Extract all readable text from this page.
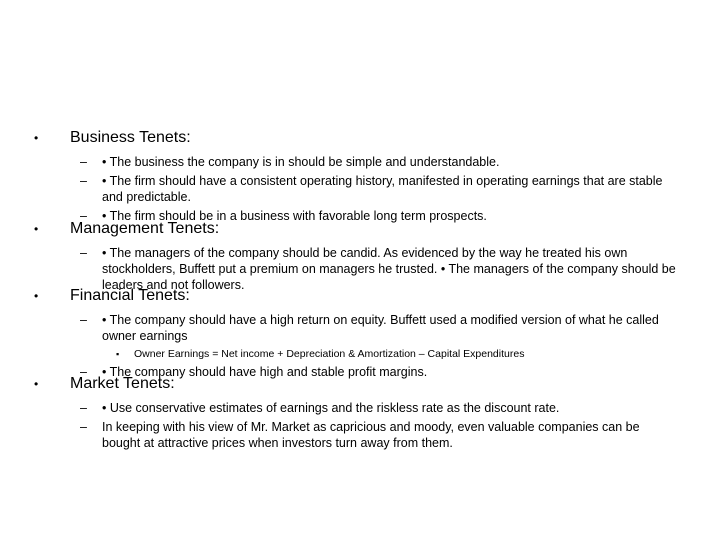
• Business Tenets:
– • The business the company is in should be simple and understandable.
– • The firm should have a consistent operating history, manifested in operating earnings that are stable and predictable.
– • The firm should be in a business with favorable long term prospects.
• Management Tenets:
– • The managers of the company should be candid. As evidenced by the way he treated his own stockholders, Buffett put a premium on managers he trusted. • The managers of the company should be leaders and not followers.
• Financial Tenets:
– • The company should have a high return on equity. Buffett used a modified version of what he called owner earnings
▪ Owner Earnings = Net income + Depreciation & Amortization – Capital Expenditures
– • The company should have high and stable profit margins.
• Market Tenets:
– • Use conservative estimates of earnings and the riskless rate as the discount rate.
– In keeping with his view of Mr. Market as capricious and moody, even valuable companies can be bought at attractive prices when investors turn away from them.
